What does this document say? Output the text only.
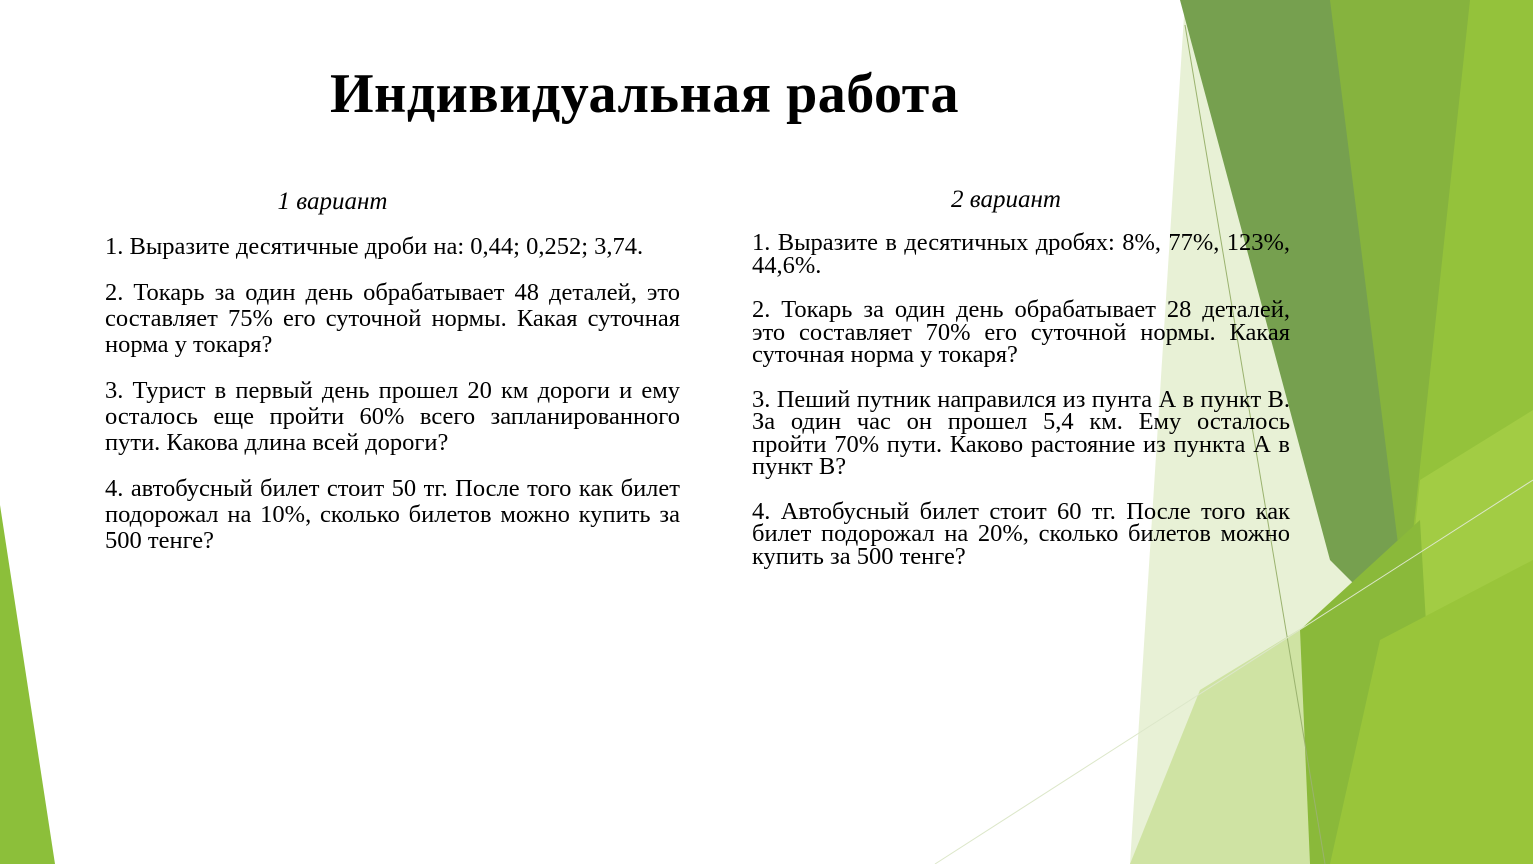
Индивидуальная работа

1 вариант

1. Выразите десятичные дроби на: 0,44; 0,252; 3,74.

2. Токарь за один день обрабатывает 48 деталей, это составляет 75% его суточной нормы. Какая суточная норма у токаря?

3. Турист в первый день прошел 20 км дороги и ему осталось еще пройти 60% всего запланированного пути. Какова длина всей дороги?

4. автобусный билет стоит 50 тг. После того как билет подорожал на 10%, сколько билетов можно купить за 500 тенге?

2 вариант

1. Выразите в десятичных дробях: 8%, 77%, 123%, 44,6%.

2. Токарь за один день обрабатывает 28 деталей, это составляет 70% его суточной нормы. Какая суточная норма у токаря?

3. Пеший путник направился из пунта А в пункт В. За один час он прошел 5,4 км. Ему осталось пройти 70% пути. Каково растояние из пункта А в пункт В?

4. Автобусный билет стоит 60 тг. После того как билет подорожал на 20%, сколько билетов можно купить за 500 тенге?
